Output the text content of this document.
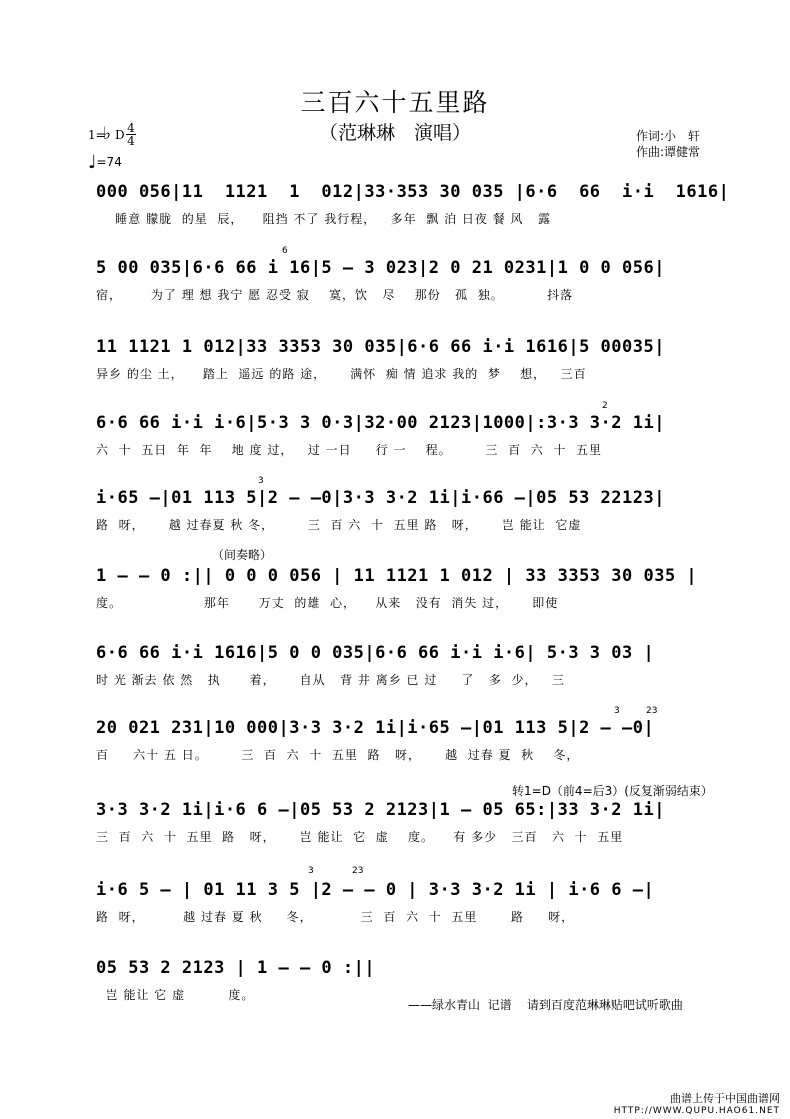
三百六十五里路
（范琳琳　演唱）
1=
♭ D 4
4
♩=74
作词:小　轩
作曲:谭健常
000 056|11  1121  1  012|33·353 30 035 |6·6  66  i·i  1616|
睡意 朦胧  的星  辰，    阻挡 不了 我行程，   多年  飘 泊 日夜 餐 风   露
5 00 035|6·6 66 i 16|5 – 3 023|2 0 21 0231|1 0 0 056|
宿，      为了 理 想 我宁 愿 忍受 寂    寞，饮   尽    那份   孤  独。         抖落
6
11 1121 1 012|33 3353 30 035|6·6 66 i·i 1616|5 00035|
异乡 的尘 土，    踏上  遥远 的路 途，     满怀  痴 情 追求 我的  梦    想，   三百
6·6 66 i·i i·6|5·3 3 0·3|32·00 2123|1000|:3·3 3·2 1i|
六  十  五日  年  年    地 度 过，   过 一日     行 一    程。       三  百  六  十  五里
2
i·65 –|01 113 5|2 – –0|3·3 3·2 1i|i·66 –|05 53 22123|
路  呀，     越 过春夏 秋 冬，       三  百 六  十  五里 路   呀，     岂 能让  它虚
3
（间奏略）
1 – – 0 :|| 0 0 0 056 | 11 1121 1 012 | 33 3353 30 035 |
度。                 那年      万丈  的雄  心，    从来   没有  消失 过，     即使
6·6 66 i·i 1616|5 0 0 035|6·6 66 i·i i·6| 5·3 3 03 |
时 光 渐去 依 然   执      着，     自从   背 井 离乡 已 过     了   多  少，   三
20 021 231|10 000|3·3 3·2 1i|i·65 –|01 113 5|2 – –0|
百     六十 五 日。       三  百  六  十  五里  路   呀，     越  过春 夏  秋    冬，
3	23
转1=D（前4=后3）(反复渐弱结束）
3·3 3·2 1i|i·6 6 –|05 53 2 2123|1 – 05 65:|33 3·2 1i|
三  百  六  十  五里  路   呀，     岂 能让  它  虚    度。    有 多少   三百   六  十  五里
i·6 5 – | 01 11 3 5 |2 – – 0 | 3·3 3·2 1i | i·6 6 –|
路  呀，        越 过春 夏 秋     冬，          三  百  六  十  五里       路     呀，
3	23
05 53 2 2123 | 1 – – 0 :||
岂 能让 它 虚         度。
——绿水青山  记谱    请到百度范琳琳贴吧试听歌曲
曲谱上传于中国曲谱网
HTTP://WWW.QUPU.HAO61.NET
